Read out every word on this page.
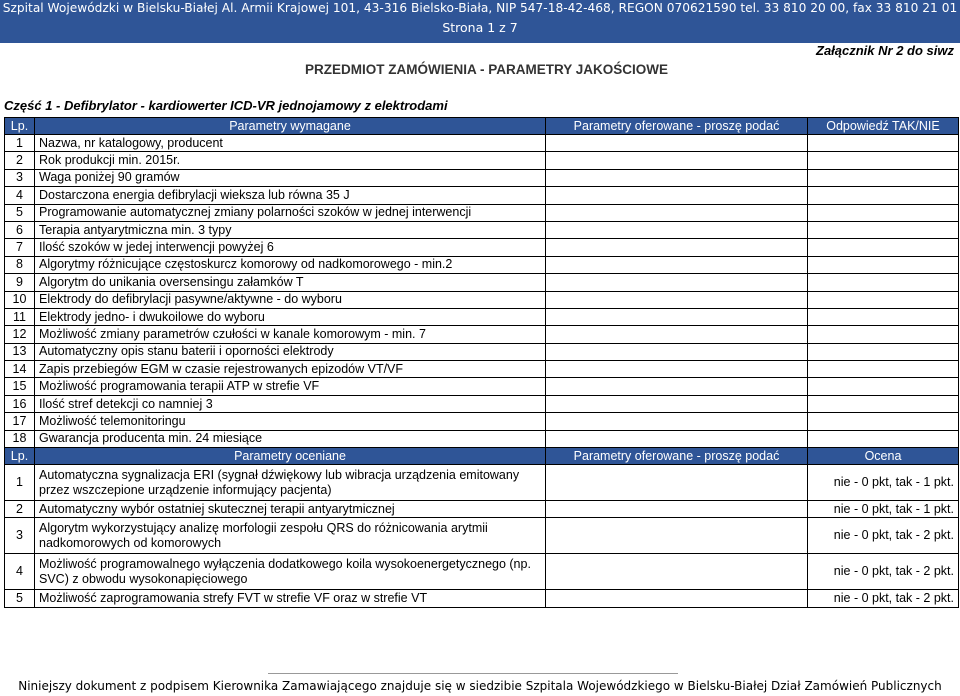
Szpital Wojewódzki w Bielsku-Białej Al. Armii Krajowej 101, 43-316 Bielsko-Biała, NIP 547-18-42-468, REGON 070621590 tel. 33 810 20 00, fax 33 810 21 01
Strona 1 z 7
Załącznik Nr 2 do siwz
PRZEDMIOT ZAMÓWIENIA - PARAMETRY JAKOŚCIOWE
Część 1 - Defibrylator - kardiowerter ICD-VR jednojamowy z elektrodami
Lp.	Parametry wymagane	Parametry oferowane - proszę podać	Odpowiedź TAK/NIE
1	Nazwa, nr katalogowy, producent		
2	Rok produkcji min. 2015r.		
3	Waga poniżej 90 gramów		
4	Dostarczona energia defibrylacji wieksza lub równa 35 J		
5	Programowanie automatycznej zmiany polarności szoków w jednej interwencji		
6	Terapia antyarytmiczna min. 3 typy		
7	Ilość szoków w jedej interwencji powyżej 6		
8	Algorytmy różnicujące częstoskurcz komorowy od nadkomorowego - min.2		
9	Algorytm do unikania oversensingu załamków T		
10	Elektrody do defibrylacji pasywne/aktywne - do wyboru		
11	Elektrody jedno- i dwukoilowe do wyboru		
12	Możliwość zmiany parametrów czułości w kanale komorowym - min. 7		
13	Automatyczny opis stanu baterii i oporności elektrody		
14	Zapis przebiegów EGM w czasie rejestrowanych epizodów VT/VF		
15	Możliwość programowania terapii ATP w strefie VF		
16	Ilość stref detekcji co namniej 3		
17	Możliwość telemonitoringu		
18	Gwarancja producenta min. 24 miesiące		
Lp.	Parametry oceniane	Parametry oferowane - proszę podać	Ocena
1	Automatyczna sygnalizacja ERI (sygnał dźwiękowy lub wibracja urządzenia emitowany przez wszczepione urządzenie informujący pacjenta)		nie - 0 pkt, tak - 1 pkt.
2	Automatyczny wybór ostatniej skutecznej terapii antyarytmicznej		nie - 0 pkt, tak - 1 pkt.
3	Algorytm wykorzystujący analizę morfologii zespołu QRS do różnicowania arytmii nadkomorowych od komorowych		nie - 0 pkt, tak - 2 pkt.
4	Możliwość programowalnego wyłączenia dodatkowego koila wysokoenergetycznego (np. SVC) z obwodu wysokonapięciowego		nie - 0 pkt, tak - 2 pkt.
5	Możliwość zaprogramowania strefy FVT w strefie VF oraz w strefie VT		nie - 0 pkt, tak - 2 pkt.
Niniejszy dokument z podpisem Kierownika Zamawiającego znajduje się w siedzibie Szpitala Wojewódzkiego w Bielsku-Białej Dział Zamówień Publicznych
